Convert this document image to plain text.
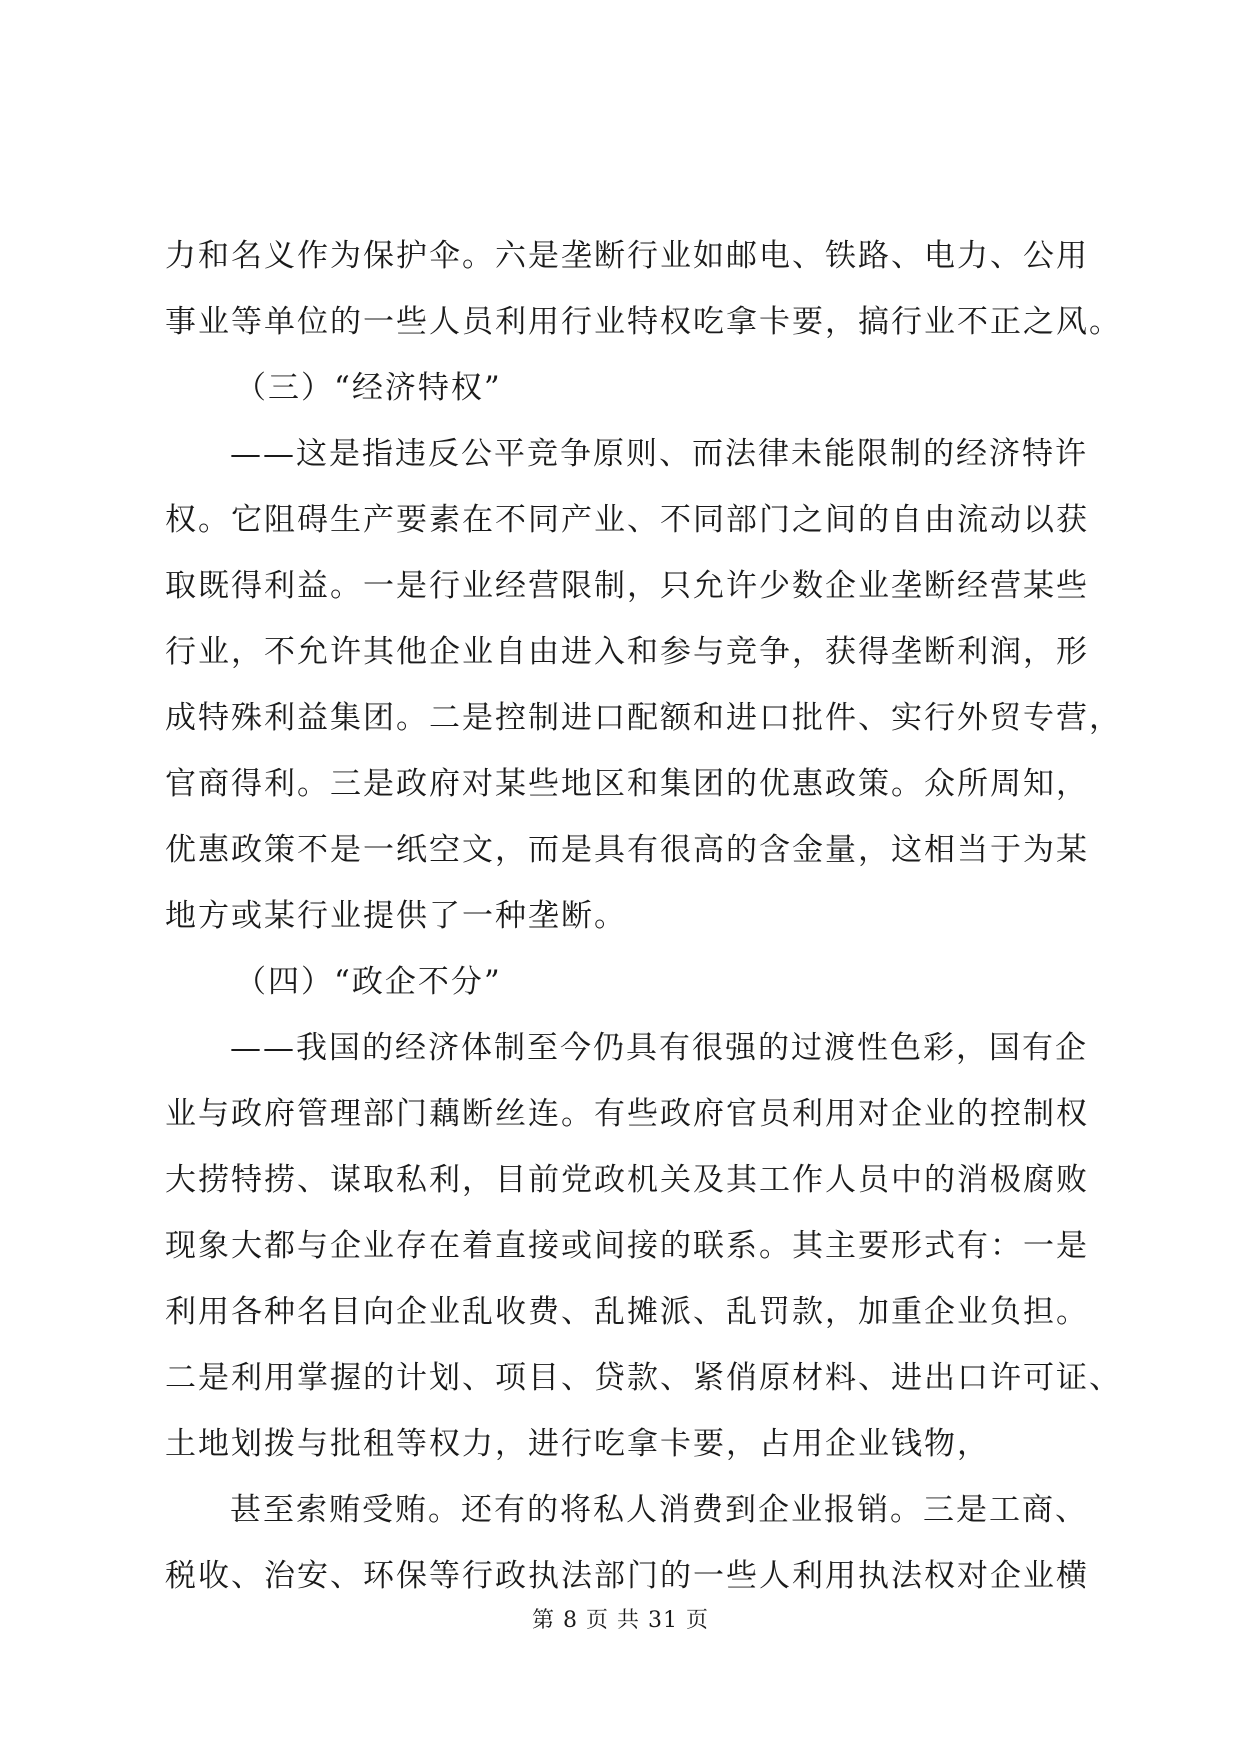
力和名义作为保护伞。六是垄断行业如邮电、铁路、电力、公用
事业等单位的一些人员利用行业特权吃拿卡要，搞行业不正之风。
（三）“经济特权”
——这是指违反公平竞争原则、而法律未能限制的经济特许
权。它阻碍生产要素在不同产业、不同部门之间的自由流动以获
取既得利益。一是行业经营限制，只允许少数企业垄断经营某些
行业，不允许其他企业自由进入和参与竞争，获得垄断利润，形
成特殊利益集团。二是控制进口配额和进口批件、实行外贸专营，
官商得利。三是政府对某些地区和集团的优惠政策。众所周知，
优惠政策不是一纸空文，而是具有很高的含金量，这相当于为某
地方或某行业提供了一种垄断。
（四）“政企不分”
——我国的经济体制至今仍具有很强的过渡性色彩，国有企
业与政府管理部门藕断丝连。有些政府官员利用对企业的控制权
大捞特捞、谋取私利，目前党政机关及其工作人员中的消极腐败
现象大都与企业存在着直接或间接的联系。其主要形式有：一是
利用各种名目向企业乱收费、乱摊派、乱罚款，加重企业负担。
二是利用掌握的计划、项目、贷款、紧俏原材料、进出口许可证、
土地划拨与批租等权力，进行吃拿卡要，占用企业钱物，
甚至索贿受贿。还有的将私人消费到企业报销。三是工商、
税收、治安、环保等行政执法部门的一些人利用执法权对企业横
第 8 页 共 31 页
